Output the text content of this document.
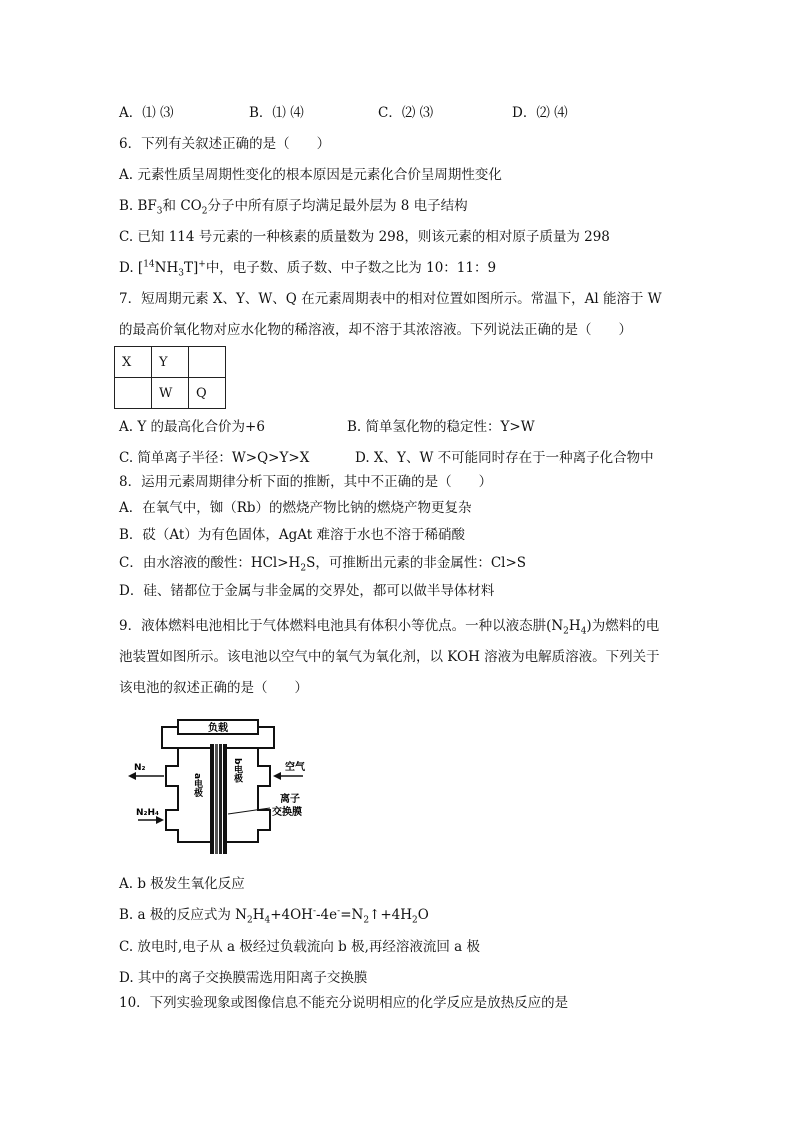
A．⑴ ⑶	B．⑴ ⑷	C．⑵ ⑶	D．⑵ ⑷
6．下列有关叙述正确的是（　　）
A. 元素性质呈周期性变化的根本原因是元素化合价呈周期性变化
B. $BF_3$和 $CO_2$分子中所有原子均满足最外层为 8 电子结构
C. 已知 114 号元素的一种核素的质量数为 298，则该元素的相对原子质量为 298
D. $[^{14}NH_3T]^+$中，电子数、质子数、中子数之比为 10：11：9
7．短周期元素 X、Y、W、Q 在元素周期表中的相对位置如图所示。常温下，Al 能溶于 W
的最高价氧化物对应水化物的稀溶液，却不溶于其浓溶液。下列说法正确的是（　　）
X	Y	
	W	Q
A. Y 的最高化合价为+6	B. 简单氢化物的稳定性：Y>W
C. 简单离子半径：W>Q>Y>X	D. X、Y、W 不可能同时存在于一种离子化合物中
8．运用元素周期律分析下面的推断，其中不正确的是（　　）
A．在氧气中，铷（Rb）的燃烧产物比钠的燃烧产物更复杂
B．砹（At）为有色固体，AgAt 难溶于水也不溶于稀硝酸
C．由水溶液的酸性：$HCl>H_2S$，可推断出元素的非金属性：Cl>S
D．硅、锗都位于金属与非金属的交界处，都可以做半导体材料
9．液体燃料电池相比于气体燃料电池具有体积小等优点。一种以液态肼$(N_2H_4)$为燃料的电
池装置如图所示。该电池以空气中的氧气为氧化剂，以 KOH 溶液为电解质溶液。下列关于
该电池的叙述正确的是（　　）
负载
N₂
N₂H₄
空气
a电极
b电极
离子 交换膜
A. b 极发生氧化反应
B. a 极的反应式为 $N_2H_4+4OH^--4e^-=N_2↑+4H_2O$
C. 放电时,电子从 a 极经过负载流向 b 极,再经溶液流回 a 极
D. 其中的离子交换膜需选用阳离子交换膜
10．下列实验现象或图像信息不能充分说明相应的化学反应是放热反应的是
